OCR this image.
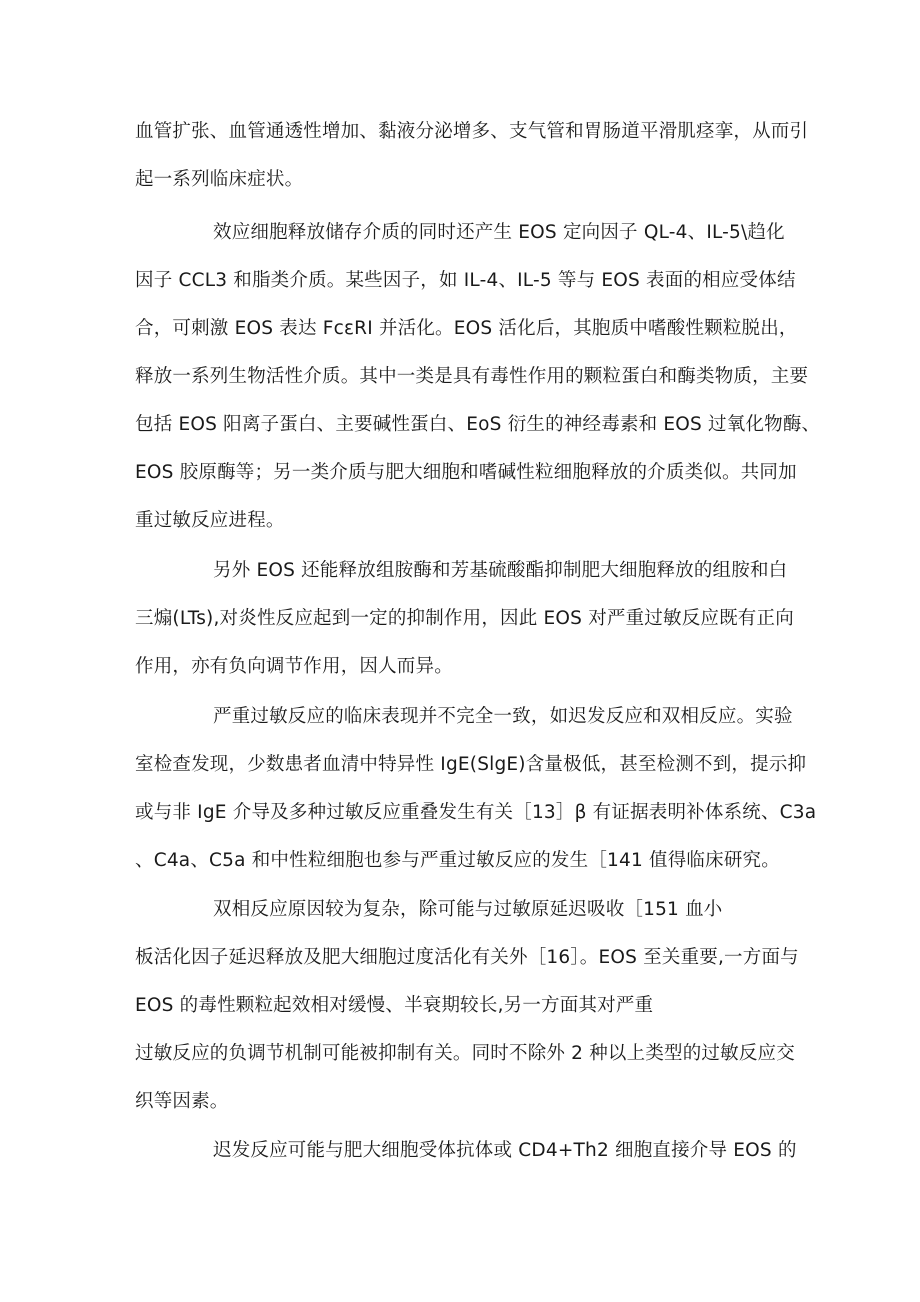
血管扩张、血管通透性增加、黏液分泌增多、支气管和胃肠道平滑肌痉挛，从而引
起一系列临床症状。
效应细胞释放储存介质的同时还产生 EOS 定向因子 QL-4、IL-5\趋化
因子 CCL3 和脂类介质。某些因子，如 IL-4、IL-5 等与 EOS 表面的相应受体结
合，可刺激 EOS 表达 FcεRI 并活化。EOS 活化后，其胞质中嗜酸性颗粒脱出，
释放一系列生物活性介质。其中一类是具有毒性作用的颗粒蛋白和酶类物质，主要
包括 EOS 阳离子蛋白、主要碱性蛋白、EoS 衍生的神经毒素和 EOS 过氧化物酶、
EOS 胶原酶等；另一类介质与肥大细胞和嗜碱性粒细胞释放的介质类似。共同加
重过敏反应进程。
另外 EOS 还能释放组胺酶和芳基硫酸酯抑制肥大细胞释放的组胺和白
三煽(LTs),对炎性反应起到一定的抑制作用，因此 EOS 对严重过敏反应既有正向
作用，亦有负向调节作用，因人而异。
严重过敏反应的临床表现并不完全一致，如迟发反应和双相反应。实验
室检查发现，少数患者血清中特异性 IgE(SlgE)含量极低，甚至检测不到，提示抑
或与非 IgE 介导及多种过敏反应重叠发生有关［13］β 有证据表明补体系统、C3a
、C4a、C5a 和中性粒细胞也参与严重过敏反应的发生［141 值得临床研究。
双相反应原因较为复杂，除可能与过敏原延迟吸收［151 血小
板活化因子延迟释放及肥大细胞过度活化有关外［16］。EOS 至关重要,一方面与
EOS 的毒性颗粒起效相对缓慢、半衰期较长,另一方面其对严重
过敏反应的负调节机制可能被抑制有关。同时不除外 2 种以上类型的过敏反应交
织等因素。
迟发反应可能与肥大细胞受体抗体或 CD4+Th2 细胞直接介导 EOS 的
